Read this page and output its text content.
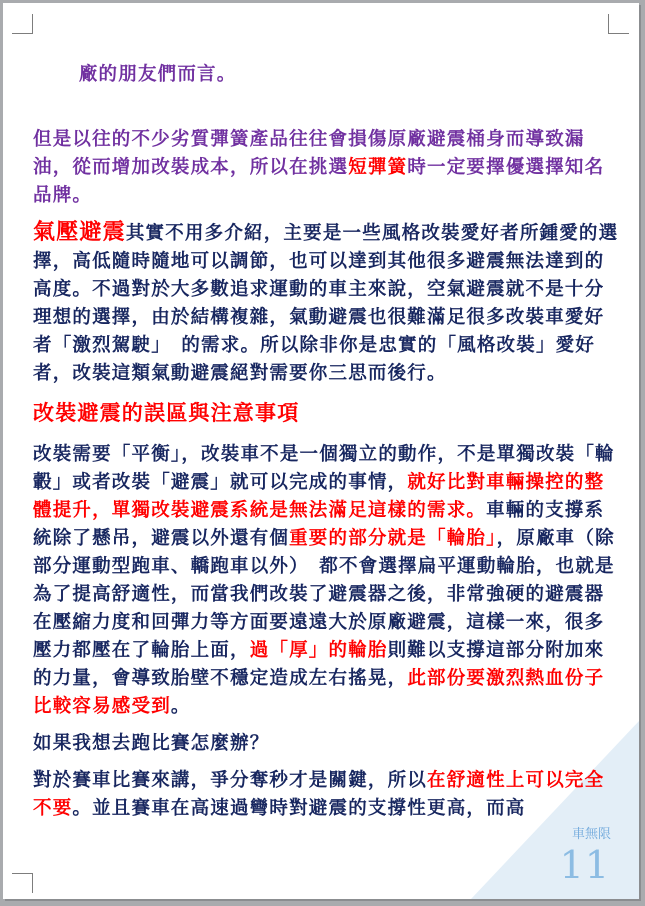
廠的朋友們而言。

但是以往的不少劣質彈簧產品往往會損傷原廠避震桶身而導致漏油，從而增加改裝成本，所以在挑選短彈簧時一定要擇優選擇知名品牌。

氣壓避震其實不用多介紹，主要是一些風格改裝愛好者所鍾愛的選擇，高低隨時隨地可以調節，也可以達到其他很多避震無法達到的高度。不過對於大多數追求運動的車主來說，空氣避震就不是十分理想的選擇，由於結構複雜，氣動避震也很難滿足很多改裝車愛好者「激烈駕駛」　的需求。所以除非你是忠實的「風格改裝」愛好者，改裝這類氣動避震絕對需要你三思而後行。

改裝避震的誤區與注意事項

改裝需要「平衡」，改裝車不是一個獨立的動作，不是單獨改裝「輪轂」或者改裝「避震」就可以完成的事情，就好比對車輛操控的整體提升，單獨改裝避震系統是無法滿足這樣的需求。車輛的支撐系統除了懸吊，避震以外還有個重要的部分就是「輪胎」，原廠車（除部分運動型跑車、轎跑車以外）　都不會選擇扁平運動輪胎，也就是為了提高舒適性，而當我們改裝了避震器之後，非常強硬的避震器在壓縮力度和回彈力等方面要遠遠大於原廠避震，這樣一來，很多壓力都壓在了輪胎上面，過「厚」的輪胎則難以支撐這部分附加來的力量，會導致胎壁不穩定造成左右搖晃，此部份要激烈熱血份子比較容易感受到。

如果我想去跑比賽怎麼辦？

對於賽車比賽來講，爭分奪秒才是關鍵，所以在舒適性上可以完全不要。並且賽車在高速過彎時對避震的支撐性更高，而高

車無限
11
